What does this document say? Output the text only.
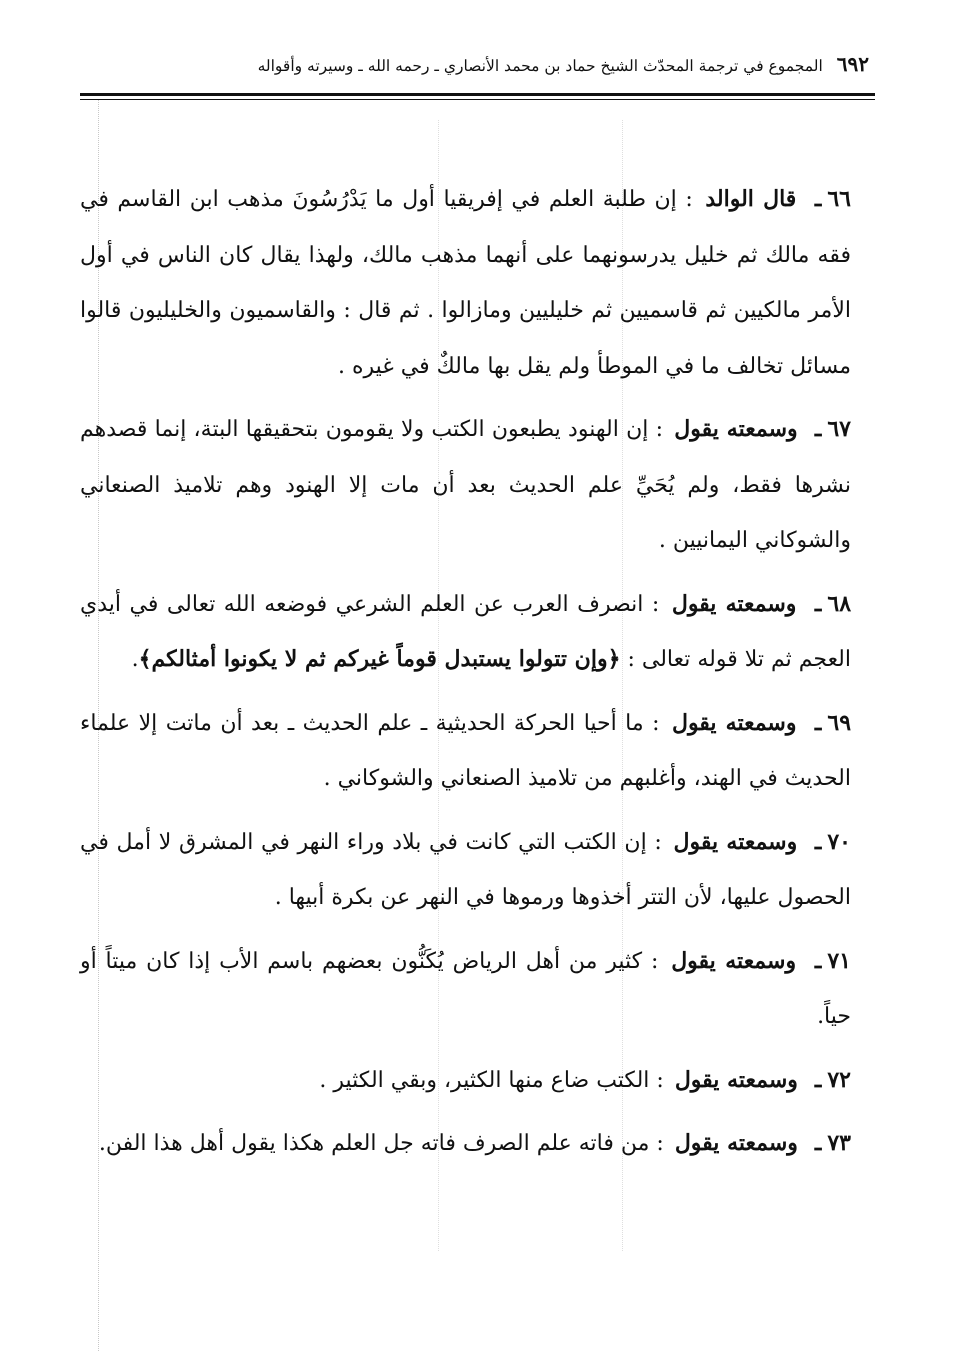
٦٩٢
المجموع في ترجمة المحدّث الشيخ حماد بن محمد الأنصاري ـ رحمه الله ـ وسيرته وأقواله

٦٦ـ قال الوالد : إن طلبة العلم في إفريقيا أول ما يَدْرُسُونَ مذهب ابن القاسم في فقه مالك ثم خليل يدرسونهما على أنهما مذهب مالك، ولهذا يقال كان الناس في أول الأمر مالكيين ثم قاسميين ثم خليليين ومازالوا . ثم قال : والقاسميون والخليليون قالوا مسائل تخالف ما في الموطأ ولم يقل بها مالكٌ في غيره .

٦٧ـ وسمعته يقول : إن الهنود يطبعون الكتب ولا يقومون بتحقيقها البتة، إنما قصدهم نشرها فقط، ولم يُحَيِّ علم الحديث بعد أن مات إلا الهنود وهم تلاميذ الصنعاني والشوكاني اليمانيين .

٦٨ـ وسمعته يقول : انصرف العرب عن العلم الشرعي فوضعه الله تعالى في أيدي العجم ثم تلا قوله تعالى : ﴿وإن تتولوا يستبدل قوماً غيركم ثم لا يكونوا أمثالكم﴾.

٦٩ـ وسمعته يقول : ما أحيا الحركة الحديثية ـ علم الحديث ـ بعد أن ماتت إلا علماء الحديث في الهند، وأغلبهم من تلاميذ الصنعاني والشوكاني .

٧٠ـ وسمعته يقول : إن الكتب التي كانت في بلاد وراء النهر في المشرق لا أمل في الحصول عليها، لأن التتر أخذوها ورموها في النهر عن بكرة أبيها .

٧١ـ وسمعته يقول : كثير من أهل الرياض يُكَنُّون بعضهم باسم الأب إذا كان ميتاً أو حياً.

٧٢ـ وسمعته يقول : الكتب ضاع منها الكثير، وبقي الكثير .

٧٣ـ وسمعته يقول : من فاته علم الصرف فاته جل العلم هكذا يقول أهل هذا الفن.
